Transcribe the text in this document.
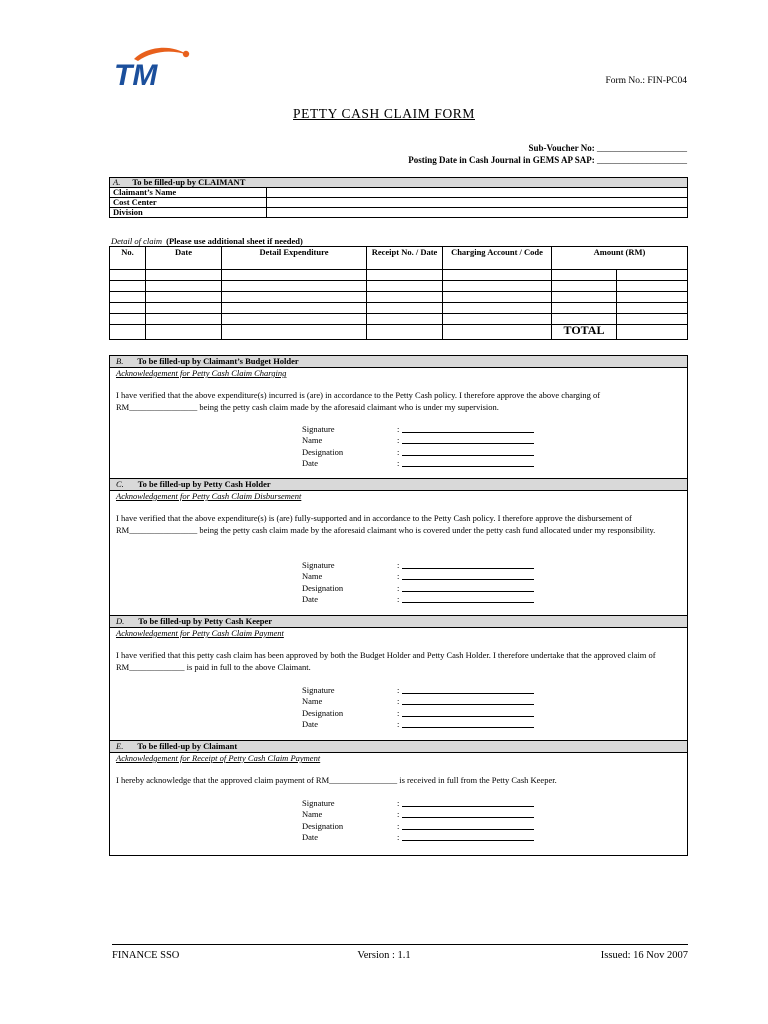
TM	Form No.: FIN-PC04
PETTY CASH CLAIM FORM
Sub-Voucher No: ____________________
Posting Date in Cash Journal in GEMS AP SAP: ____________________
A. To be filled-up by CLAIMANT	
Claimant’s Name	
Cost Center	
Division	
Detail of claim (Please use additional sheet if needed)
No.	Date	Detail Expenditure	Receipt No. / Date	Charging Account / Code	Amount (RM)	

					TOTAL	
B. To be filled-up by Claimant’s Budget Holder
Acknowledgement for Petty Cash Claim Charging
I have verified that the above expenditure(s) incurred is (are) in accordance to the Petty Cash policy. I therefore approve the above charging of RM________________ being the petty cash claim made by the aforesaid claimant who is under my supervision.
Signature	:
Name	:
Designation	:
Date	:
C. To be filled-up by Petty Cash Holder
Acknowledgement for Petty Cash Claim Disbursement
I have verified that the above expenditure(s) is (are) fully-supported and in accordance to the Petty Cash policy. I therefore approve the disbursement of RM________________ being the petty cash claim made by the aforesaid claimant who is covered under the petty cash fund allocated under my responsibility.
Signature	:
Name	:
Designation	:
Date	:
D. To be filled-up by Petty Cash Keeper
Acknowledgement for Petty Cash Claim Payment
I have verified that this petty cash claim has been approved by both the Budget Holder and Petty Cash Holder. I therefore undertake that the approved claim of RM_____________ is paid in full to the above Claimant.
Signature	:
Name	:
Designation	:
Date	:
E. To be filled-up by Claimant
Acknowledgement for Receipt of Petty Cash Claim Payment
I hereby acknowledge that the approved claim payment of RM________________ is received in full from the Petty Cash Keeper.
Signature	:
Name	:
Designation	:
Date	:
FINANCE SSO	Version : 1.1	Issued: 16 Nov 2007
